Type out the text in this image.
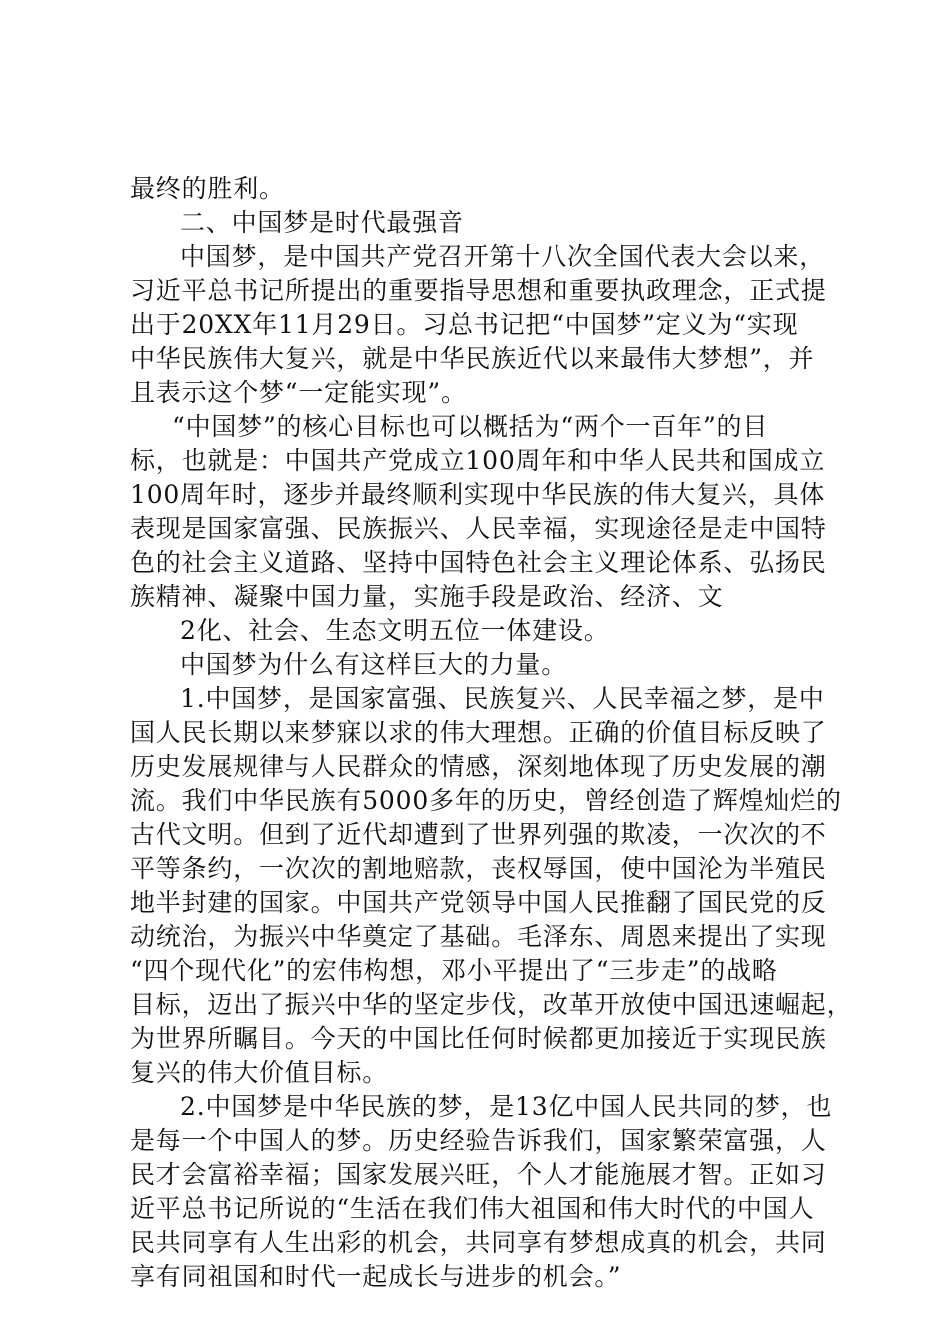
最终的胜利。
二、中国梦是时代最强音
中国梦，是中国共产党召开第十八次全国代表大会以来，
习近平总书记所提出的重要指导思想和重要执政理念，正式提
出于20XX年11月29日。习总书记把“中国梦”定义为“实现
中华民族伟大复兴，就是中华民族近代以来最伟大梦想”，并
且表示这个梦“一定能实现”。
“中国梦”的核心目标也可以概括为“两个一百年”的目
标，也就是：中国共产党成立100周年和中华人民共和国成立
100周年时，逐步并最终顺利实现中华民族的伟大复兴，具体
表现是国家富强、民族振兴、人民幸福，实现途径是走中国特
色的社会主义道路、坚持中国特色社会主义理论体系、弘扬民
族精神、凝聚中国力量，实施手段是政治、经济、文
2化、社会、生态文明五位一体建设。
中国梦为什么有这样巨大的力量。
1.中国梦，是国家富强、民族复兴、人民幸福之梦，是中
国人民长期以来梦寐以求的伟大理想。正确的价值目标反映了
历史发展规律与人民群众的情感，深刻地体现了历史发展的潮
流。我们中华民族有5000多年的历史，曾经创造了辉煌灿烂的
古代文明。但到了近代却遭到了世界列强的欺凌，一次次的不
平等条约，一次次的割地赔款，丧权辱国，使中国沦为半殖民
地半封建的国家。中国共产党领导中国人民推翻了国民党的反
动统治，为振兴中华奠定了基础。毛泽东、周恩来提出了实现
“四个现代化”的宏伟构想，邓小平提出了“三步走”的战略
目标，迈出了振兴中华的坚定步伐，改革开放使中国迅速崛起，
为世界所瞩目。今天的中国比任何时候都更加接近于实现民族
复兴的伟大价值目标。
2.中国梦是中华民族的梦，是13亿中国人民共同的梦，也
是每一个中国人的梦。历史经验告诉我们，国家繁荣富强，人
民才会富裕幸福；国家发展兴旺，个人才能施展才智。正如习
近平总书记所说的“生活在我们伟大祖国和伟大时代的中国人
民共同享有人生出彩的机会，共同享有梦想成真的机会，共同
享有同祖国和时代一起成长与进步的机会。”
